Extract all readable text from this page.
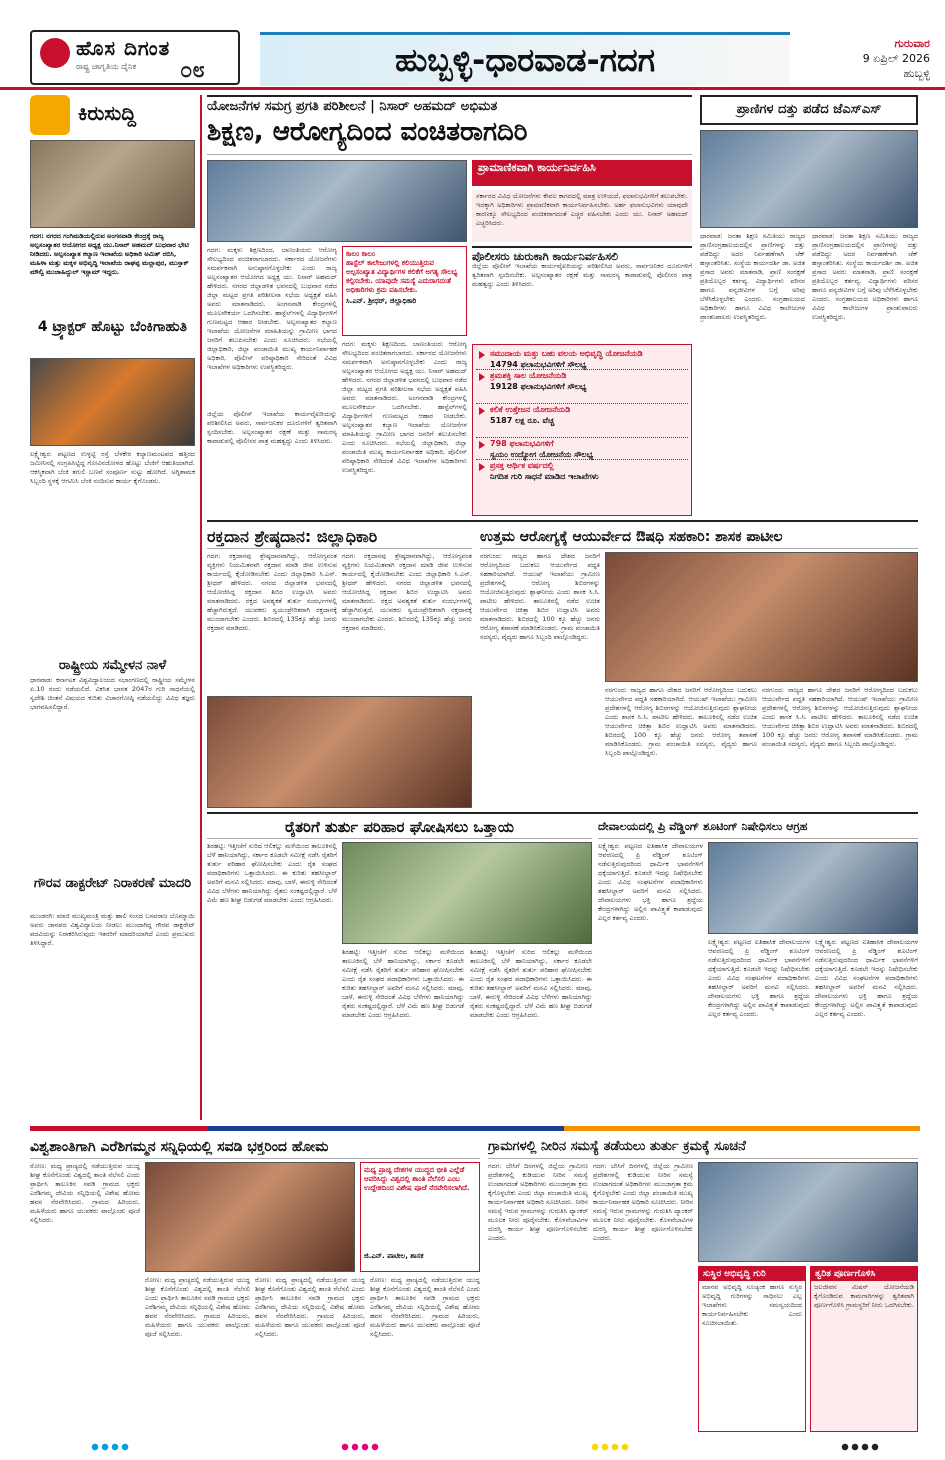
ಹೊಸ ದಿಗಂತ
ರಾಷ್ಟ್ರ ಜಾಗೃತಿಯ ದೈನಿಕ ೦೮	ಹುಬ್ಬಳ್ಳಿ-ಧಾರವಾಡ-ಗದಗ	ಗುರುವಾರ
9 ಏಪ್ರಿಲ್ 2026
ಹುಬ್ಬಳ್ಳಿ
ಕಿರುಸುದ್ದಿ
ಗದಗ: ನಗರದ ಗಂಗಿಮಡಿಯಲ್ಲಿರುವ ಅಂಗನವಾಡಿ ಕೇಂದ್ರಕ್ಕೆ ರಾಜ್ಯ ಅಲ್ಪಸಂಖ್ಯಾತರ ಆಯೋಗದ ಅಧ್ಯಕ್ಷ ಯು.ನಿಸಾರ್ ಅಹಮದ್ ಬುಧವಾರ ಭೇಟಿ ನೀಡಿದರು. ಅಲ್ಪಸಂಖ್ಯಾತ ಕಲ್ಯಾಣ ಇಲಾಖೆಯ ಅಧಿಕಾರಿ ಅಮಿತ್ ರಬಿಸಿ, ಮಹಿಳಾ ಮತ್ತು ಮಕ್ಕಳ ಅಭಿವೃದ್ಧಿ ಇಲಾಖೆಯ ರಾಘಪ್ಪ ಮಲ್ಲಾಪುರ, ಮುಸ್ತಾಕ್ ಮೌಲ್ವಿ ಮುಜಾಹಿದ್ದುಲ್ ಇಸ್ಲಾಮ್ ಇದ್ದರು.
4 ಟ್ರ್ಯಾಕ್ಟರ್ ಹೊಟ್ಟು ಬೆಂಕಿಗಾಹುತಿ
ಲಕ್ಷ್ಮೇಶ್ವರ: ಪಟ್ಟಣದ ಉಳ್ಳಟ್ಟಿ ರಸ್ತೆ ಬೆಳಕೇರ ಕಲ್ಯಾಣಮಂಟಪದ ಹತ್ತಿರದ ಜಮೀನಿನಲ್ಲಿ ಸಂಗ್ರಹಿಸಿಟ್ಟಿದ್ದ ಗೋವಿನಜೋಳದ ಹೊಟ್ಟು ಬೆಂಕಿಗೆ ಆಹುತಿಯಾಗಿದೆ. ಆಕಸ್ಮಿಕವಾಗಿ ಬೆಂಕಿ ತಗುಲಿ ಬಣವೆ ಸಂಪೂರ್ಣ ಸುಟ್ಟು ಹೋಗಿದೆ. ಅಗ್ನಿಶಾಮಕ ಸಿಬ್ಬಂದಿ ಸ್ಥಳಕ್ಕೆ ಆಗಮಿಸಿ ಬೆಂಕಿ ನಂದಿಸುವ ಕಾರ್ಯ ಕೈಗೊಂಡರು.
ರಾಷ್ಟ್ರೀಯ ಸಮ್ಮೇಳನ ನಾಳೆ
ಧಾರವಾಡ: ಕರ್ನಾಟಕ ವಿಶ್ವವಿದ್ಯಾಲಯದ ಸಭಾಂಗಣದಲ್ಲಿ ರಾಷ್ಟ್ರೀಯ ಸಮ್ಮೇಳನ ಏ.10 ರಂದು ನಡೆಯಲಿದೆ. ವಿಕಸಿತ ಭಾರತ 2047ರ ಗುರಿ ಸಾಧನೆಯಲ್ಲಿ ಸ್ವದೇಶಿ ಚಿಂತನೆ ವಿಷಯದ ಕುರಿತು ವಿಚಾರಗೋಷ್ಠಿ ನಡೆಯಲಿದ್ದು ವಿವಿಧ ತಜ್ಞರು ಭಾಗವಹಿಸಲಿದ್ದಾರೆ.
ಗೌರವ ಡಾಕ್ಟರೇಟ್ ನಿರಾಕರಣೆ ಮಾದರಿ
ಮುಂಡರಗಿ: ಮಾಜಿ ಮುಖ್ಯಮಂತ್ರಿ ಮತ್ತು ಹಾಲಿ ಸಂಸದ ಬಸವರಾಜ ಬೊಮ್ಮಾಯಿ ಅವರು ಜಾನಪದ ವಿಶ್ವವಿದ್ಯಾಲಯ ನೀಡಲು ಮುಂದಾಗಿದ್ದ ಗೌರವ ಡಾಕ್ಟರೇಟ್ ಪದವಿಯನ್ನು ನಿರಾಕರಿಸಿರುವುದು ಇತರರಿಗೆ ಮಾದರಿಯಾಗಿದೆ ಎಂದು ಪ್ರಮುಖರು ತಿಳಿಸಿದ್ದಾರೆ.
ಯೋಜನೆಗಳ ಸಮಗ್ರ ಪ್ರಗತಿ ಪರಿಶೀಲನೆ | ನಿಸಾರ್ ಅಹಮದ್ ಅಭಿಮತ
ಶಿಕ್ಷಣ, ಆರೋಗ್ಯದಿಂದ ವಂಚಿತರಾಗದಿರಿ
ಪ್ರಾಮಾಣಿಕವಾಗಿ ಕಾರ್ಯನಿರ್ವಹಿಸಿ
ಸರ್ಕಾರದ ವಿವಿಧ ಯೋಜನೆಗಳು ಕೇವಲ ಕಾಗದದಲ್ಲಿ ಮಾತ್ರ ಉಳಿಯದೆ, ಫಲಾನುಭವಿಗಳಿಗೆ ತಲುಪಬೇಕು. ಇದಕ್ಕಾಗಿ ಅಧಿಕಾರಿಗಳು ಪ್ರಾಮಾಣಿಕವಾಗಿ ಕಾರ್ಯನಿರ್ವಹಿಸಬೇಕು. ಅರ್ಹ ಫಲಾನುಭವಿಗಳು ಯಾವುದೇ ಕಾರಣಕ್ಕೂ ಸೌಲಭ್ಯದಿಂದ ವಂಚಿತರಾಗದಂತೆ ಎಚ್ಚರ ವಹಿಸಬೇಕು ಎಂದು ಯು. ನಿಸಾರ್ ಅಹಮದ್ ಎಚ್ಚರಿಸಿದರು.
ಗದಗ: ಮಕ್ಕಳು ಶಿಕ್ಷಣದಿಂದ, ಬಾಣಂತಿಯರು ಆರೋಗ್ಯ ಸೌಲಭ್ಯದಿಂದ ವಂಚಿತರಾಗಬಾರದು. ಸರ್ಕಾರದ ಯೋಜನೆಗಳು ಸಮರ್ಪಕವಾಗಿ ಅನುಷ್ಠಾನಗೊಳ್ಳಬೇಕು ಎಂದು ರಾಜ್ಯ ಅಲ್ಪಸಂಖ್ಯಾತರ ಆಯೋಗದ ಅಧ್ಯಕ್ಷ ಯು. ನಿಸಾರ್ ಅಹಮದ್ ಹೇಳಿದರು. ನಗರದ ಜಿಲ್ಲಾಡಳಿತ ಭವನದಲ್ಲಿ ಬುಧವಾರ ನಡೆದ ಜಿಲ್ಲಾ ಮಟ್ಟದ ಪ್ರಗತಿ ಪರಿಶೀಲನಾ ಸಭೆಯ ಅಧ್ಯಕ್ಷತೆ ವಹಿಸಿ ಅವರು ಮಾತನಾಡಿದರು. ಅಂಗನವಾಡಿ ಕೇಂದ್ರಗಳಲ್ಲಿ ಮೂಲಸೌಕರ್ಯ ಒದಗಿಸಬೇಕು. ಹಾಸ್ಟೆಲ್‌ಗಳಲ್ಲಿ ವಿದ್ಯಾರ್ಥಿಗಳಿಗೆ ಗುಣಮಟ್ಟದ ಆಹಾರ ನೀಡಬೇಕು. ಅಲ್ಪಸಂಖ್ಯಾತರ ಕಲ್ಯಾಣ ಇಲಾಖೆಯ ಯೋಜನೆಗಳ ಮಾಹಿತಿಯನ್ನು ಗ್ರಾಮೀಣ ಭಾಗದ ಜನರಿಗೆ ತಲುಪಿಸಬೇಕು ಎಂದು ಸೂಚಿಸಿದರು. ಸಭೆಯಲ್ಲಿ ಜಿಲ್ಲಾಧಿಕಾರಿ, ಜಿಲ್ಲಾ ಪಂಚಾಯಿತಿ ಮುಖ್ಯ ಕಾರ್ಯನಿರ್ವಾಹಕ ಅಧಿಕಾರಿ, ಪೊಲೀಸ್ ವರಿಷ್ಠಾಧಿಕಾರಿ ಸೇರಿದಂತೆ ವಿವಿಧ ಇಲಾಖೆಗಳ ಅಧಿಕಾರಿಗಳು ಉಪಸ್ಥಿತರಿದ್ದರು.
ಕಾಲಂ ಕಾಲಂ
ಹಾಸ್ಟೆಲ್ ಕಾಲೇಜುಗಳಲ್ಲಿ ಕಲಿಯುತ್ತಿರುವ ಅಲ್ಪಸಂಖ್ಯಾತ ವಿದ್ಯಾರ್ಥಿಗಳ ಕಲಿಕೆಗೆ ಅಗತ್ಯ ಸೌಲಭ್ಯ ಕಲ್ಪಿಸಬೇಕು. ಯಾವುದೇ ಸಮಸ್ಯೆ ಎದುರಾಗದಂತೆ ಅಧಿಕಾರಿಗಳು ಕ್ರಮ ವಹಿಸಬೇಕು.
ಸಿ.ಎನ್. ಶ್ರೀಧರ್, ಜಿಲ್ಲಾಧಿಕಾರಿ
ಗದಗ: ಮಕ್ಕಳು ಶಿಕ್ಷಣದಿಂದ, ಬಾಣಂತಿಯರು ಆರೋಗ್ಯ ಸೌಲಭ್ಯದಿಂದ ವಂಚಿತರಾಗಬಾರದು. ಸರ್ಕಾರದ ಯೋಜನೆಗಳು ಸಮರ್ಪಕವಾಗಿ ಅನುಷ್ಠಾನಗೊಳ್ಳಬೇಕು ಎಂದು ರಾಜ್ಯ ಅಲ್ಪಸಂಖ್ಯಾತರ ಆಯೋಗದ ಅಧ್ಯಕ್ಷ ಯು. ನಿಸಾರ್ ಅಹಮದ್ ಹೇಳಿದರು. ನಗರದ ಜಿಲ್ಲಾಡಳಿತ ಭವನದಲ್ಲಿ ಬುಧವಾರ ನಡೆದ ಜಿಲ್ಲಾ ಮಟ್ಟದ ಪ್ರಗತಿ ಪರಿಶೀಲನಾ ಸಭೆಯ ಅಧ್ಯಕ್ಷತೆ ವಹಿಸಿ ಅವರು ಮಾತನಾಡಿದರು. ಅಂಗನವಾಡಿ ಕೇಂದ್ರಗಳಲ್ಲಿ ಮೂಲಸೌಕರ್ಯ ಒದಗಿಸಬೇಕು. ಹಾಸ್ಟೆಲ್‌ಗಳಲ್ಲಿ ವಿದ್ಯಾರ್ಥಿಗಳಿಗೆ ಗುಣಮಟ್ಟದ ಆಹಾರ ನೀಡಬೇಕು. ಅಲ್ಪಸಂಖ್ಯಾತರ ಕಲ್ಯಾಣ ಇಲಾಖೆಯ ಯೋಜನೆಗಳ ಮಾಹಿತಿಯನ್ನು ಗ್ರಾಮೀಣ ಭಾಗದ ಜನರಿಗೆ ತಲುಪಿಸಬೇಕು ಎಂದು ಸೂಚಿಸಿದರು. ಸಭೆಯಲ್ಲಿ ಜಿಲ್ಲಾಧಿಕಾರಿ, ಜಿಲ್ಲಾ ಪಂಚಾಯಿತಿ ಮುಖ್ಯ ಕಾರ್ಯನಿರ್ವಾಹಕ ಅಧಿಕಾರಿ, ಪೊಲೀಸ್ ವರಿಷ್ಠಾಧಿಕಾರಿ ಸೇರಿದಂತೆ ವಿವಿಧ ಇಲಾಖೆಗಳ ಅಧಿಕಾರಿಗಳು ಉಪಸ್ಥಿತರಿದ್ದರು.
ಜಿಲ್ಲೆಯ ಪೊಲೀಸ್ ಇಲಾಖೆಯ ಕಾರ್ಯವೈಖರಿಯನ್ನು ಪರಿಶೀಲಿಸಿದ ಅವರು, ಸಾರ್ವಜನಿಕರ ದೂರುಗಳಿಗೆ ತ್ವರಿತವಾಗಿ ಸ್ಪಂದಿಸಬೇಕು. ಅಲ್ಪಸಂಖ್ಯಾತರ ರಕ್ಷಣೆ ಮತ್ತು ಸಾಮರಸ್ಯ ಕಾಪಾಡುವಲ್ಲಿ ಪೊಲೀಸರ ಪಾತ್ರ ಮಹತ್ವದ್ದು ಎಂದು ತಿಳಿಸಿದರು.
ಪೊಲೀಸರು ಚುರುಕಾಗಿ ಕಾರ್ಯನಿರ್ವಹಿಸಲಿ
ಜಿಲ್ಲೆಯ ಪೊಲೀಸ್ ಇಲಾಖೆಯ ಕಾರ್ಯವೈಖರಿಯನ್ನು ಪರಿಶೀಲಿಸಿದ ಅವರು, ಸಾರ್ವಜನಿಕರ ದೂರುಗಳಿಗೆ ತ್ವರಿತವಾಗಿ ಸ್ಪಂದಿಸಬೇಕು. ಅಲ್ಪಸಂಖ್ಯಾತರ ರಕ್ಷಣೆ ಮತ್ತು ಸಾಮರಸ್ಯ ಕಾಪಾಡುವಲ್ಲಿ ಪೊಲೀಸರ ಪಾತ್ರ ಮಹತ್ವದ್ದು ಎಂದು ತಿಳಿಸಿದರು.
ಸಮುದಾಯ ಮತ್ತು ಬಹು ವಲಯ ಅಭಿವೃದ್ಧಿ ಯೋಜನೆಯಡಿ
14794 ಫಲಾನುಭವಿಗಳಿಗೆ ಸೌಲಭ್ಯ
ಶ್ರಮಶಕ್ತಿ ಸಾಲ ಯೋಜನೆಯಡಿ
19128 ಫಲಾನುಭವಿಗಳಿಗೆ ಸೌಲಭ್ಯ
ಕಲಿಕೆ ಉತ್ತೇಜನ ಯೋಜನೆಯಡಿ
5187 ಲಕ್ಷ ರೂ. ವೆಚ್ಚ
798 ಫಲಾನುಭವಿಗಳಿಗೆ
ಸ್ವಯಂ ಉದ್ಯೋಗ ಯೋಜನೆಯ ಸೌಲಭ್ಯ
ಪ್ರಸಕ್ತ ಆರ್ಥಿಕ ವರ್ಷದಲ್ಲಿ
ನಿಗದಿತ ಗುರಿ ಸಾಧನೆ ಮಾಡಿದ ಇಲಾಖೆಗಳು
ಪ್ರಾಣಿಗಳ ದತ್ತು ಪಡೆದ ಜೆಎಸ್ಎಸ್
ಧಾರವಾಡ: ಜನತಾ ಶಿಕ್ಷಣ ಸಮಿತಿಯು ರಾಜ್ಯದ ಪ್ರಾಣಿಸಂಗ್ರಹಾಲಯದಲ್ಲಿನ ಪ್ರಾಣಿಗಳನ್ನು ದತ್ತು ಪಡೆದಿದ್ದು ಅದರ ನಿರ್ವಹಣೆಗಾಗಿ ಚೆಕ್ ಹಸ್ತಾಂತರಿಸಿತು. ಸಂಸ್ಥೆಯ ಕಾರ್ಯದರ್ಶಿ ಡಾ. ಅಜಿತ ಪ್ರಸಾದ ಅವರು ಮಾತನಾಡಿ, ಪ್ರಾಣಿ ಸಂರಕ್ಷಣೆ ಪ್ರತಿಯೊಬ್ಬರ ಕರ್ತವ್ಯ. ವಿದ್ಯಾರ್ಥಿಗಳು ಪರಿಸರ ಹಾಗೂ ವನ್ಯಜೀವಿಗಳ ಬಗ್ಗೆ ಅರಿವು ಬೆಳೆಸಿಕೊಳ್ಳಬೇಕು ಎಂದರು. ಸಂಗ್ರಹಾಲಯದ ಅಧಿಕಾರಿಗಳು ಹಾಗೂ ವಿವಿಧ ಕಾಲೇಜುಗಳ ಪ್ರಾಂಶುಪಾಲರು ಉಪಸ್ಥಿತರಿದ್ದರು.
ಧಾರವಾಡ: ಜನತಾ ಶಿಕ್ಷಣ ಸಮಿತಿಯು ರಾಜ್ಯದ ಪ್ರಾಣಿಸಂಗ್ರಹಾಲಯದಲ್ಲಿನ ಪ್ರಾಣಿಗಳನ್ನು ದತ್ತು ಪಡೆದಿದ್ದು ಅದರ ನಿರ್ವಹಣೆಗಾಗಿ ಚೆಕ್ ಹಸ್ತಾಂತರಿಸಿತು. ಸಂಸ್ಥೆಯ ಕಾರ್ಯದರ್ಶಿ ಡಾ. ಅಜಿತ ಪ್ರಸಾದ ಅವರು ಮಾತನಾಡಿ, ಪ್ರಾಣಿ ಸಂರಕ್ಷಣೆ ಪ್ರತಿಯೊಬ್ಬರ ಕರ್ತವ್ಯ. ವಿದ್ಯಾರ್ಥಿಗಳು ಪರಿಸರ ಹಾಗೂ ವನ್ಯಜೀವಿಗಳ ಬಗ್ಗೆ ಅರಿವು ಬೆಳೆಸಿಕೊಳ್ಳಬೇಕು ಎಂದರು. ಸಂಗ್ರಹಾಲಯದ ಅಧಿಕಾರಿಗಳು ಹಾಗೂ ವಿವಿಧ ಕಾಲೇಜುಗಳ ಪ್ರಾಂಶುಪಾಲರು ಉಪಸ್ಥಿತರಿದ್ದರು.
ರಕ್ತದಾನ ಶ್ರೇಷ್ಠದಾನ: ಜಿಲ್ಲಾಧಿಕಾರಿ
ಗದಗ: ರಕ್ತದಾನವು ಶ್ರೇಷ್ಠದಾನವಾಗಿದ್ದು, ಆರೋಗ್ಯವಂತ ವ್ಯಕ್ತಿಗಳು ನಿಯಮಿತವಾಗಿ ರಕ್ತದಾನ ಮಾಡಿ ಜೀವ ಉಳಿಸುವ ಕಾರ್ಯದಲ್ಲಿ ಕೈಜೋಡಿಸಬೇಕು ಎಂದು ಜಿಲ್ಲಾಧಿಕಾರಿ ಸಿ.ಎನ್. ಶ್ರೀಧರ್ ಹೇಳಿದರು. ನಗರದ ಜಿಲ್ಲಾಡಳಿತ ಭವನದಲ್ಲಿ ಆಯೋಜಿಸಿದ್ದ ರಕ್ತದಾನ ಶಿಬಿರ ಉದ್ಘಾಟಿಸಿ ಅವರು ಮಾತನಾಡಿದರು. ರಕ್ತದ ಅವಶ್ಯಕತೆ ತುರ್ತು ಸಂದರ್ಭಗಳಲ್ಲಿ ಹೆಚ್ಚಾಗಿರುತ್ತದೆ. ಯುವಕರು ಸ್ವಯಂಪ್ರೇರಿತರಾಗಿ ರಕ್ತದಾನಕ್ಕೆ ಮುಂದಾಗಬೇಕು ಎಂದರು. ಶಿಬಿರದಲ್ಲಿ 135ಕ್ಕೂ ಹೆಚ್ಚು ಜನರು ರಕ್ತದಾನ ಮಾಡಿದರು.
ಗದಗ: ರಕ್ತದಾನವು ಶ್ರೇಷ್ಠದಾನವಾಗಿದ್ದು, ಆರೋಗ್ಯವಂತ ವ್ಯಕ್ತಿಗಳು ನಿಯಮಿತವಾಗಿ ರಕ್ತದಾನ ಮಾಡಿ ಜೀವ ಉಳಿಸುವ ಕಾರ್ಯದಲ್ಲಿ ಕೈಜೋಡಿಸಬೇಕು ಎಂದು ಜಿಲ್ಲಾಧಿಕಾರಿ ಸಿ.ಎನ್. ಶ್ರೀಧರ್ ಹೇಳಿದರು. ನಗರದ ಜಿಲ್ಲಾಡಳಿತ ಭವನದಲ್ಲಿ ಆಯೋಜಿಸಿದ್ದ ರಕ್ತದಾನ ಶಿಬಿರ ಉದ್ಘಾಟಿಸಿ ಅವರು ಮಾತನಾಡಿದರು. ರಕ್ತದ ಅವಶ್ಯಕತೆ ತುರ್ತು ಸಂದರ್ಭಗಳಲ್ಲಿ ಹೆಚ್ಚಾಗಿರುತ್ತದೆ. ಯುವಕರು ಸ್ವಯಂಪ್ರೇರಿತರಾಗಿ ರಕ್ತದಾನಕ್ಕೆ ಮುಂದಾಗಬೇಕು ಎಂದರು. ಶಿಬಿರದಲ್ಲಿ 135ಕ್ಕೂ ಹೆಚ್ಚು ಜನರು ರಕ್ತದಾನ ಮಾಡಿದರು.
ಉತ್ತಮ ಆರೋಗ್ಯಕ್ಕೆ ಆಯುರ್ವೇದ ಔಷಧಿ ಸಹಕಾರಿ: ಶಾಸಕ ಪಾಟೀಲ
ನರಗುಂದ: ರಾಜ್ಯದ ಹಾಗೂ ದೇಶದ ಜನರಿಗೆ ಆರೋಗ್ಯದಿಂದ ಬದುಕಲು ಆಯುರ್ವೇದ ಪದ್ಧತಿ ಸಹಕಾರಿಯಾಗಿದೆ. ಆಯುಷ್ ಇಲಾಖೆಯು ಗ್ರಾಮೀಣ ಪ್ರದೇಶಗಳಲ್ಲಿ ಆರೋಗ್ಯ ಶಿಬಿರಗಳನ್ನು ಆಯೋಜಿಸುತ್ತಿರುವುದು ಶ್ಲಾಘನೀಯ ಎಂದು ಶಾಸಕ ಸಿ.ಸಿ. ಪಾಟೀಲ ಹೇಳಿದರು. ತಾಲೂಕಿನಲ್ಲಿ ನಡೆದ ಉಚಿತ ಆಯುರ್ವೇದ ಚಿಕಿತ್ಸಾ ಶಿಬಿರ ಉದ್ಘಾಟಿಸಿ ಅವರು ಮಾತನಾಡಿದರು. ಶಿಬಿರದಲ್ಲಿ 100 ಕ್ಕೂ ಹೆಚ್ಚು ಜನರು ಆರೋಗ್ಯ ತಪಾಸಣೆ ಮಾಡಿಸಿಕೊಂಡರು. ಗ್ರಾಮ ಪಂಚಾಯಿತಿ ಸದಸ್ಯರು, ವೈದ್ಯರು ಹಾಗೂ ಸಿಬ್ಬಂದಿ ಪಾಲ್ಗೊಂಡಿದ್ದರು.
ನರಗುಂದ: ರಾಜ್ಯದ ಹಾಗೂ ದೇಶದ ಜನರಿಗೆ ಆರೋಗ್ಯದಿಂದ ಬದುಕಲು ಆಯುರ್ವೇದ ಪದ್ಧತಿ ಸಹಕಾರಿಯಾಗಿದೆ. ಆಯುಷ್ ಇಲಾಖೆಯು ಗ್ರಾಮೀಣ ಪ್ರದೇಶಗಳಲ್ಲಿ ಆರೋಗ್ಯ ಶಿಬಿರಗಳನ್ನು ಆಯೋಜಿಸುತ್ತಿರುವುದು ಶ್ಲಾಘನೀಯ ಎಂದು ಶಾಸಕ ಸಿ.ಸಿ. ಪಾಟೀಲ ಹೇಳಿದರು. ತಾಲೂಕಿನಲ್ಲಿ ನಡೆದ ಉಚಿತ ಆಯುರ್ವೇದ ಚಿಕಿತ್ಸಾ ಶಿಬಿರ ಉದ್ಘಾಟಿಸಿ ಅವರು ಮಾತನಾಡಿದರು. ಶಿಬಿರದಲ್ಲಿ 100 ಕ್ಕೂ ಹೆಚ್ಚು ಜನರು ಆರೋಗ್ಯ ತಪಾಸಣೆ ಮಾಡಿಸಿಕೊಂಡರು. ಗ್ರಾಮ ಪಂಚಾಯಿತಿ ಸದಸ್ಯರು, ವೈದ್ಯರು ಹಾಗೂ ಸಿಬ್ಬಂದಿ ಪಾಲ್ಗೊಂಡಿದ್ದರು.
ನರಗುಂದ: ರಾಜ್ಯದ ಹಾಗೂ ದೇಶದ ಜನರಿಗೆ ಆರೋಗ್ಯದಿಂದ ಬದುಕಲು ಆಯುರ್ವೇದ ಪದ್ಧತಿ ಸಹಕಾರಿಯಾಗಿದೆ. ಆಯುಷ್ ಇಲಾಖೆಯು ಗ್ರಾಮೀಣ ಪ್ರದೇಶಗಳಲ್ಲಿ ಆರೋಗ್ಯ ಶಿಬಿರಗಳನ್ನು ಆಯೋಜಿಸುತ್ತಿರುವುದು ಶ್ಲಾಘನೀಯ ಎಂದು ಶಾಸಕ ಸಿ.ಸಿ. ಪಾಟೀಲ ಹೇಳಿದರು. ತಾಲೂಕಿನಲ್ಲಿ ನಡೆದ ಉಚಿತ ಆಯುರ್ವೇದ ಚಿಕಿತ್ಸಾ ಶಿಬಿರ ಉದ್ಘಾಟಿಸಿ ಅವರು ಮಾತನಾಡಿದರು. ಶಿಬಿರದಲ್ಲಿ 100 ಕ್ಕೂ ಹೆಚ್ಚು ಜನರು ಆರೋಗ್ಯ ತಪಾಸಣೆ ಮಾಡಿಸಿಕೊಂಡರು. ಗ್ರಾಮ ಪಂಚಾಯಿತಿ ಸದಸ್ಯರು, ವೈದ್ಯರು ಹಾಗೂ ಸಿಬ್ಬಂದಿ ಪಾಲ್ಗೊಂಡಿದ್ದರು.
ರೈತರಿಗೆ ತುರ್ತು ಪರಿಹಾರ ಘೋಷಿಸಲು ಒತ್ತಾಯ
ಶಿರಹಟ್ಟಿ: ಇತ್ತೀಚೆಗೆ ಸುರಿದ ಆಲಿಕಲ್ಲು ಮಳೆಯಿಂದ ತಾಲೂಕಿನಲ್ಲಿ ಬೆಳೆ ಹಾನಿಯಾಗಿದ್ದು, ಸರ್ಕಾರ ಕೂಡಲೇ ಸಮೀಕ್ಷೆ ನಡೆಸಿ ರೈತರಿಗೆ ತುರ್ತು ಪರಿಹಾರ ಘೋಷಿಸಬೇಕು ಎಂದು ರೈತ ಸಂಘದ ಪದಾಧಿಕಾರಿಗಳು ಒತ್ತಾಯಿಸಿದರು. ಈ ಕುರಿತು ತಹಸೀಲ್ದಾರ್ ಅವರಿಗೆ ಮನವಿ ಸಲ್ಲಿಸಿದರು. ಮಾವು, ಬಾಳೆ, ಈರುಳ್ಳಿ ಸೇರಿದಂತೆ ವಿವಿಧ ಬೆಳೆಗಳು ಹಾನಿಯಾಗಿದ್ದು ರೈತರು ಸಂಕಷ್ಟದಲ್ಲಿದ್ದಾರೆ. ಬೆಳೆ ವಿಮೆ ಹಣ ಶೀಘ್ರ ಬಿಡುಗಡೆ ಮಾಡಬೇಕು ಎಂದು ಆಗ್ರಹಿಸಿದರು.
ಶಿರಹಟ್ಟಿ: ಇತ್ತೀಚೆಗೆ ಸುರಿದ ಆಲಿಕಲ್ಲು ಮಳೆಯಿಂದ ತಾಲೂಕಿನಲ್ಲಿ ಬೆಳೆ ಹಾನಿಯಾಗಿದ್ದು, ಸರ್ಕಾರ ಕೂಡಲೇ ಸಮೀಕ್ಷೆ ನಡೆಸಿ ರೈತರಿಗೆ ತುರ್ತು ಪರಿಹಾರ ಘೋಷಿಸಬೇಕು ಎಂದು ರೈತ ಸಂಘದ ಪದಾಧಿಕಾರಿಗಳು ಒತ್ತಾಯಿಸಿದರು. ಈ ಕುರಿತು ತಹಸೀಲ್ದಾರ್ ಅವರಿಗೆ ಮನವಿ ಸಲ್ಲಿಸಿದರು. ಮಾವು, ಬಾಳೆ, ಈರುಳ್ಳಿ ಸೇರಿದಂತೆ ವಿವಿಧ ಬೆಳೆಗಳು ಹಾನಿಯಾಗಿದ್ದು ರೈತರು ಸಂಕಷ್ಟದಲ್ಲಿದ್ದಾರೆ. ಬೆಳೆ ವಿಮೆ ಹಣ ಶೀಘ್ರ ಬಿಡುಗಡೆ ಮಾಡಬೇಕು ಎಂದು ಆಗ್ರಹಿಸಿದರು.
ಶಿರಹಟ್ಟಿ: ಇತ್ತೀಚೆಗೆ ಸುರಿದ ಆಲಿಕಲ್ಲು ಮಳೆಯಿಂದ ತಾಲೂಕಿನಲ್ಲಿ ಬೆಳೆ ಹಾನಿಯಾಗಿದ್ದು, ಸರ್ಕಾರ ಕೂಡಲೇ ಸಮೀಕ್ಷೆ ನಡೆಸಿ ರೈತರಿಗೆ ತುರ್ತು ಪರಿಹಾರ ಘೋಷಿಸಬೇಕು ಎಂದು ರೈತ ಸಂಘದ ಪದಾಧಿಕಾರಿಗಳು ಒತ್ತಾಯಿಸಿದರು. ಈ ಕುರಿತು ತಹಸೀಲ್ದಾರ್ ಅವರಿಗೆ ಮನವಿ ಸಲ್ಲಿಸಿದರು. ಮಾವು, ಬಾಳೆ, ಈರುಳ್ಳಿ ಸೇರಿದಂತೆ ವಿವಿಧ ಬೆಳೆಗಳು ಹಾನಿಯಾಗಿದ್ದು ರೈತರು ಸಂಕಷ್ಟದಲ್ಲಿದ್ದಾರೆ. ಬೆಳೆ ವಿಮೆ ಹಣ ಶೀಘ್ರ ಬಿಡುಗಡೆ ಮಾಡಬೇಕು ಎಂದು ಆಗ್ರಹಿಸಿದರು.
ದೇವಾಲಯದಲ್ಲಿ ಪ್ರಿ ವೆಡ್ಡಿಂಗ್ ಶೂಟಿಂಗ್ ನಿಷೇಧಿಸಲು ಆಗ್ರಹ
ಲಕ್ಷ್ಮೇಶ್ವರ: ಪಟ್ಟಣದ ಐತಿಹಾಸಿಕ ದೇವಾಲಯಗಳ ಆವರಣದಲ್ಲಿ ಪ್ರಿ ವೆಡ್ಡಿಂಗ್ ಶೂಟಿಂಗ್ ನಡೆಸುತ್ತಿರುವುದರಿಂದ ಧಾರ್ಮಿಕ ಭಾವನೆಗಳಿಗೆ ಧಕ್ಕೆಯಾಗುತ್ತಿದೆ. ಕೂಡಲೇ ಇದನ್ನು ನಿಷೇಧಿಸಬೇಕು ಎಂದು ವಿವಿಧ ಸಂಘಟನೆಗಳ ಪದಾಧಿಕಾರಿಗಳು ತಹಸೀಲ್ದಾರ್ ಅವರಿಗೆ ಮನವಿ ಸಲ್ಲಿಸಿದರು. ದೇವಾಲಯಗಳು ಭಕ್ತಿ ಹಾಗೂ ಶ್ರದ್ಧೆಯ ಕೇಂದ್ರಗಳಾಗಿದ್ದು ಅಲ್ಲಿನ ಪಾವಿತ್ರ್ಯತೆ ಕಾಪಾಡುವುದು ಎಲ್ಲರ ಕರ್ತವ್ಯ ಎಂದರು.
ಲಕ್ಷ್ಮೇಶ್ವರ: ಪಟ್ಟಣದ ಐತಿಹಾಸಿಕ ದೇವಾಲಯಗಳ ಆವರಣದಲ್ಲಿ ಪ್ರಿ ವೆಡ್ಡಿಂಗ್ ಶೂಟಿಂಗ್ ನಡೆಸುತ್ತಿರುವುದರಿಂದ ಧಾರ್ಮಿಕ ಭಾವನೆಗಳಿಗೆ ಧಕ್ಕೆಯಾಗುತ್ತಿದೆ. ಕೂಡಲೇ ಇದನ್ನು ನಿಷೇಧಿಸಬೇಕು ಎಂದು ವಿವಿಧ ಸಂಘಟನೆಗಳ ಪದಾಧಿಕಾರಿಗಳು ತಹಸೀಲ್ದಾರ್ ಅವರಿಗೆ ಮನವಿ ಸಲ್ಲಿಸಿದರು. ದೇವಾಲಯಗಳು ಭಕ್ತಿ ಹಾಗೂ ಶ್ರದ್ಧೆಯ ಕೇಂದ್ರಗಳಾಗಿದ್ದು ಅಲ್ಲಿನ ಪಾವಿತ್ರ್ಯತೆ ಕಾಪಾಡುವುದು ಎಲ್ಲರ ಕರ್ತವ್ಯ ಎಂದರು.
ಲಕ್ಷ್ಮೇಶ್ವರ: ಪಟ್ಟಣದ ಐತಿಹಾಸಿಕ ದೇವಾಲಯಗಳ ಆವರಣದಲ್ಲಿ ಪ್ರಿ ವೆಡ್ಡಿಂಗ್ ಶೂಟಿಂಗ್ ನಡೆಸುತ್ತಿರುವುದರಿಂದ ಧಾರ್ಮಿಕ ಭಾವನೆಗಳಿಗೆ ಧಕ್ಕೆಯಾಗುತ್ತಿದೆ. ಕೂಡಲೇ ಇದನ್ನು ನಿಷೇಧಿಸಬೇಕು ಎಂದು ವಿವಿಧ ಸಂಘಟನೆಗಳ ಪದಾಧಿಕಾರಿಗಳು ತಹಸೀಲ್ದಾರ್ ಅವರಿಗೆ ಮನವಿ ಸಲ್ಲಿಸಿದರು. ದೇವಾಲಯಗಳು ಭಕ್ತಿ ಹಾಗೂ ಶ್ರದ್ಧೆಯ ಕೇಂದ್ರಗಳಾಗಿದ್ದು ಅಲ್ಲಿನ ಪಾವಿತ್ರ್ಯತೆ ಕಾಪಾಡುವುದು ಎಲ್ಲರ ಕರ್ತವ್ಯ ಎಂದರು.
ವಿಶ್ವಶಾಂತಿಗಾಗಿ ಎರೆಶಿಗಮ್ಮನ ಸನ್ನಿಧಿಯಲ್ಲಿ ಸವಡಿ ಭಕ್ತರಿಂದ ಹೋಮ
ರೋಣ: ಮಧ್ಯ ಪ್ರಾಚ್ಯದಲ್ಲಿ ನಡೆಯುತ್ತಿರುವ ಯುದ್ಧ ಶೀಘ್ರ ಕೊನೆಗೊಂಡು ವಿಶ್ವದಲ್ಲಿ ಶಾಂತಿ ನೆಲೆಸಲಿ ಎಂದು ಪ್ರಾರ್ಥಿಸಿ ತಾಲೂಕಿನ ಸವಡಿ ಗ್ರಾಮದ ಭಕ್ತರು ಎರೆಶಿಗಮ್ಮ ದೇವಿಯ ಸನ್ನಿಧಿಯಲ್ಲಿ ವಿಶೇಷ ಹೋಮ ಹವನ ನೆರವೇರಿಸಿದರು. ಗ್ರಾಮದ ಹಿರಿಯರು, ಮಹಿಳೆಯರು ಹಾಗೂ ಯುವಕರು ಪಾಲ್ಗೊಂಡು ಪೂಜೆ ಸಲ್ಲಿಸಿದರು.
ಮಧ್ಯ ಪ್ರಾಚ್ಯ ದೇಶಗಳ ಯುದ್ಧದ ಭೀತಿ ಎಲ್ಲೆಡೆ ಆವರಿಸಿದ್ದು ವಿಶ್ವದಲ್ಲಿ ಶಾಂತಿ ನೆಲೆಸಲಿ ಎಂಬ ಉದ್ದೇಶದಿಂದ ವಿಶೇಷ ಪೂಜೆ ನೆರವೇರಿಸಲಾಗಿದೆ.
ಜಿ.ಎನ್. ಪಾಟೀಲ, ಶಾಸಕ
ರೋಣ: ಮಧ್ಯ ಪ್ರಾಚ್ಯದಲ್ಲಿ ನಡೆಯುತ್ತಿರುವ ಯುದ್ಧ ಶೀಘ್ರ ಕೊನೆಗೊಂಡು ವಿಶ್ವದಲ್ಲಿ ಶಾಂತಿ ನೆಲೆಸಲಿ ಎಂದು ಪ್ರಾರ್ಥಿಸಿ ತಾಲೂಕಿನ ಸವಡಿ ಗ್ರಾಮದ ಭಕ್ತರು ಎರೆಶಿಗಮ್ಮ ದೇವಿಯ ಸನ್ನಿಧಿಯಲ್ಲಿ ವಿಶೇಷ ಹೋಮ ಹವನ ನೆರವೇರಿಸಿದರು. ಗ್ರಾಮದ ಹಿರಿಯರು, ಮಹಿಳೆಯರು ಹಾಗೂ ಯುವಕರು ಪಾಲ್ಗೊಂಡು ಪೂಜೆ ಸಲ್ಲಿಸಿದರು.
ರೋಣ: ಮಧ್ಯ ಪ್ರಾಚ್ಯದಲ್ಲಿ ನಡೆಯುತ್ತಿರುವ ಯುದ್ಧ ಶೀಘ್ರ ಕೊನೆಗೊಂಡು ವಿಶ್ವದಲ್ಲಿ ಶಾಂತಿ ನೆಲೆಸಲಿ ಎಂದು ಪ್ರಾರ್ಥಿಸಿ ತಾಲೂಕಿನ ಸವಡಿ ಗ್ರಾಮದ ಭಕ್ತರು ಎರೆಶಿಗಮ್ಮ ದೇವಿಯ ಸನ್ನಿಧಿಯಲ್ಲಿ ವಿಶೇಷ ಹೋಮ ಹವನ ನೆರವೇರಿಸಿದರು. ಗ್ರಾಮದ ಹಿರಿಯರು, ಮಹಿಳೆಯರು ಹಾಗೂ ಯುವಕರು ಪಾಲ್ಗೊಂಡು ಪೂಜೆ ಸಲ್ಲಿಸಿದರು.
ರೋಣ: ಮಧ್ಯ ಪ್ರಾಚ್ಯದಲ್ಲಿ ನಡೆಯುತ್ತಿರುವ ಯುದ್ಧ ಶೀಘ್ರ ಕೊನೆಗೊಂಡು ವಿಶ್ವದಲ್ಲಿ ಶಾಂತಿ ನೆಲೆಸಲಿ ಎಂದು ಪ್ರಾರ್ಥಿಸಿ ತಾಲೂಕಿನ ಸವಡಿ ಗ್ರಾಮದ ಭಕ್ತರು ಎರೆಶಿಗಮ್ಮ ದೇವಿಯ ಸನ್ನಿಧಿಯಲ್ಲಿ ವಿಶೇಷ ಹೋಮ ಹವನ ನೆರವೇರಿಸಿದರು. ಗ್ರಾಮದ ಹಿರಿಯರು, ಮಹಿಳೆಯರು ಹಾಗೂ ಯುವಕರು ಪಾಲ್ಗೊಂಡು ಪೂಜೆ ಸಲ್ಲಿಸಿದರು.
ಗ್ರಾಮಗಳಲ್ಲಿ ನೀರಿನ ಸಮಸ್ಯೆ ತಡೆಯಲು ತುರ್ತು ಕ್ರಮಕ್ಕೆ ಸೂಚನೆ
ಗದಗ: ಬೇಸಿಗೆ ದಿನಗಳಲ್ಲಿ ಜಿಲ್ಲೆಯ ಗ್ರಾಮೀಣ ಪ್ರದೇಶಗಳಲ್ಲಿ ಕುಡಿಯುವ ನೀರಿನ ಸಮಸ್ಯೆ ಉಂಟಾಗದಂತೆ ಅಧಿಕಾರಿಗಳು ಮುಂಜಾಗ್ರತಾ ಕ್ರಮ ಕೈಗೊಳ್ಳಬೇಕು ಎಂದು ಜಿಲ್ಲಾ ಪಂಚಾಯಿತಿ ಮುಖ್ಯ ಕಾರ್ಯನಿರ್ವಾಹಕ ಅಧಿಕಾರಿ ಸೂಚಿಸಿದರು. ನೀರಿನ ಸಮಸ್ಯೆ ಇರುವ ಗ್ರಾಮಗಳನ್ನು ಗುರುತಿಸಿ ಟ್ಯಾಂಕರ್ ಮೂಲಕ ನೀರು ಪೂರೈಸಬೇಕು. ಕೊಳವೆಬಾವಿಗಳ ದುರಸ್ತಿ ಕಾರ್ಯ ಶೀಘ್ರ ಪೂರ್ಣಗೊಳಿಸಬೇಕು ಎಂದರು.
ಗದಗ: ಬೇಸಿಗೆ ದಿನಗಳಲ್ಲಿ ಜಿಲ್ಲೆಯ ಗ್ರಾಮೀಣ ಪ್ರದೇಶಗಳಲ್ಲಿ ಕುಡಿಯುವ ನೀರಿನ ಸಮಸ್ಯೆ ಉಂಟಾಗದಂತೆ ಅಧಿಕಾರಿಗಳು ಮುಂಜಾಗ್ರತಾ ಕ್ರಮ ಕೈಗೊಳ್ಳಬೇಕು ಎಂದು ಜಿಲ್ಲಾ ಪಂಚಾಯಿತಿ ಮುಖ್ಯ ಕಾರ್ಯನಿರ್ವಾಹಕ ಅಧಿಕಾರಿ ಸೂಚಿಸಿದರು. ನೀರಿನ ಸಮಸ್ಯೆ ಇರುವ ಗ್ರಾಮಗಳನ್ನು ಗುರುತಿಸಿ ಟ್ಯಾಂಕರ್ ಮೂಲಕ ನೀರು ಪೂರೈಸಬೇಕು. ಕೊಳವೆಬಾವಿಗಳ ದುರಸ್ತಿ ಕಾರ್ಯ ಶೀಘ್ರ ಪೂರ್ಣಗೊಳಿಸಬೇಕು ಎಂದರು.
ಸುಸ್ಥಿರ ಅಭಿವೃದ್ಧಿ ಗುರಿ
ಮಾನವ ಅಭಿವೃದ್ಧಿ ಸೂಚ್ಯಂಕ ಹಾಗೂ ಸುಸ್ಥಿರ ಅಭಿವೃದ್ಧಿ ಗುರಿಗಳನ್ನು ಸಾಧಿಸಲು ಎಲ್ಲ ಇಲಾಖೆಗಳು ಸಮನ್ವಯದಿಂದ ಕಾರ್ಯನಿರ್ವಹಿಸಬೇಕು ಎಂದು ಸೂಚಿಸಲಾಯಿತು.
ತ್ವರಿತ ಪೂರ್ಣಗೊಳಿಸಿ
ಜಲಜೀವನ ಮಿಷನ್ ಯೋಜನೆಯಡಿ ಕೈಗೊಂಡಿರುವ ಕಾಮಗಾರಿಗಳನ್ನು ತ್ವರಿತವಾಗಿ ಪೂರ್ಣಗೊಳಿಸಿ ಗ್ರಾಮಸ್ಥರಿಗೆ ನೀರು ಒದಗಿಸಬೇಕು.
